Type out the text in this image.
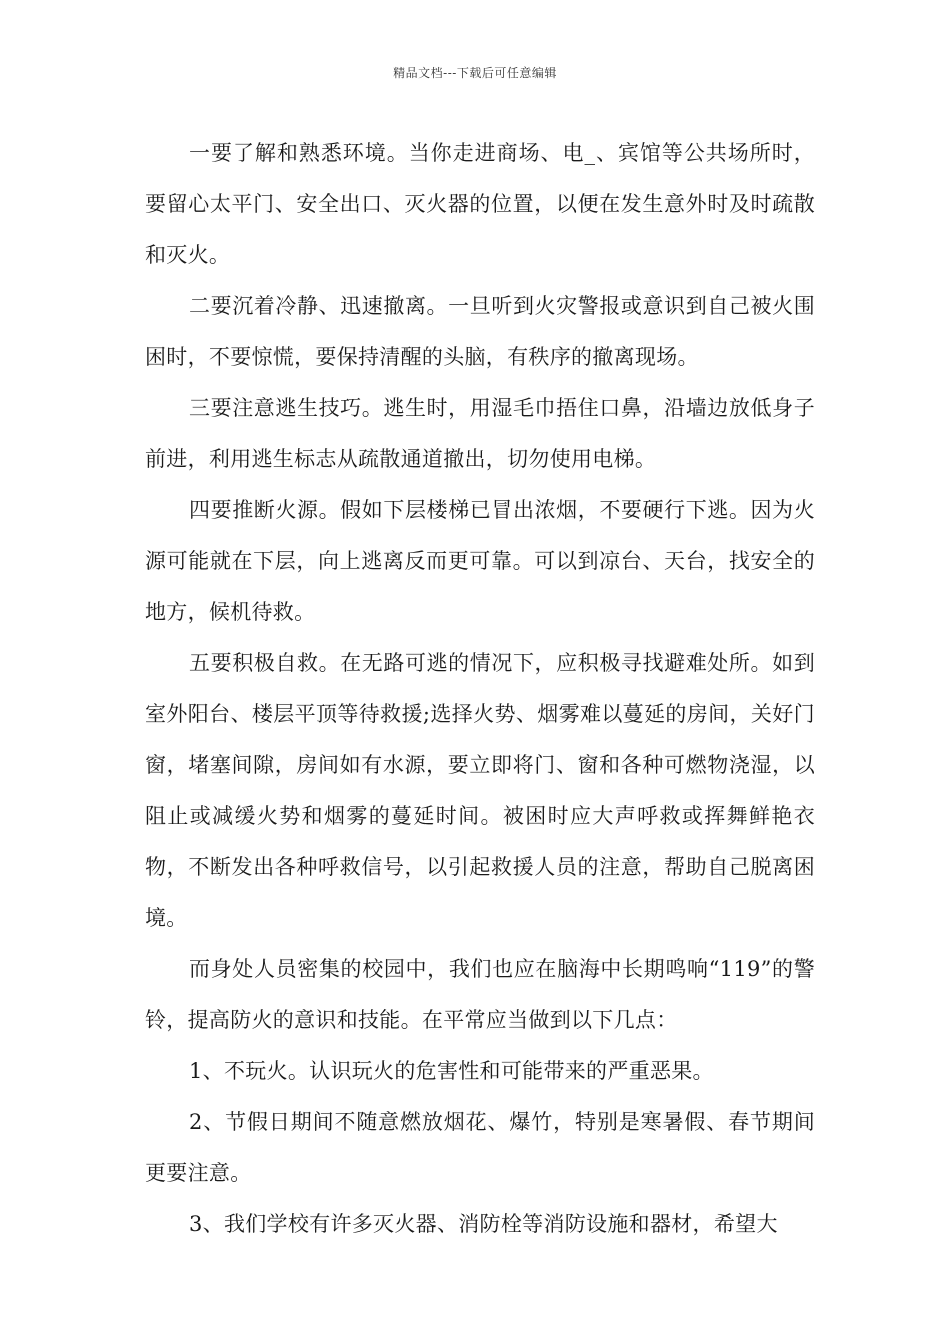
精品文档---下载后可任意编辑

一要了解和熟悉环境。当你走进商场、电_、宾馆等公共场所时，要留心太平门、安全出口、灭火器的位置，以便在发生意外时及时疏散和灭火。

二要沉着冷静、迅速撤离。一旦听到火灾警报或意识到自己被火围困时，不要惊慌，要保持清醒的头脑，有秩序的撤离现场。

三要注意逃生技巧。逃生时，用湿毛巾捂住口鼻，沿墙边放低身子前进，利用逃生标志从疏散通道撤出，切勿使用电梯。

四要推断火源。假如下层楼梯已冒出浓烟，不要硬行下逃。因为火源可能就在下层，向上逃离反而更可靠。可以到凉台、天台，找安全的地方，候机待救。

五要积极自救。在无路可逃的情况下，应积极寻找避难处所。如到室外阳台、楼层平顶等待救援;选择火势、烟雾难以蔓延的房间，关好门窗，堵塞间隙，房间如有水源，要立即将门、窗和各种可燃物浇湿，以阻止或减缓火势和烟雾的蔓延时间。被困时应大声呼救或挥舞鲜艳衣物，不断发出各种呼救信号，以引起救援人员的注意，帮助自己脱离困境。

而身处人员密集的校园中，我们也应在脑海中长期鸣响“119”的警铃，提高防火的意识和技能。在平常应当做到以下几点：

1、不玩火。认识玩火的危害性和可能带来的严重恶果。

2、节假日期间不随意燃放烟花、爆竹，特别是寒暑假、春节期间更要注意。

3、我们学校有许多灭火器、消防栓等消防设施和器材，希望大
